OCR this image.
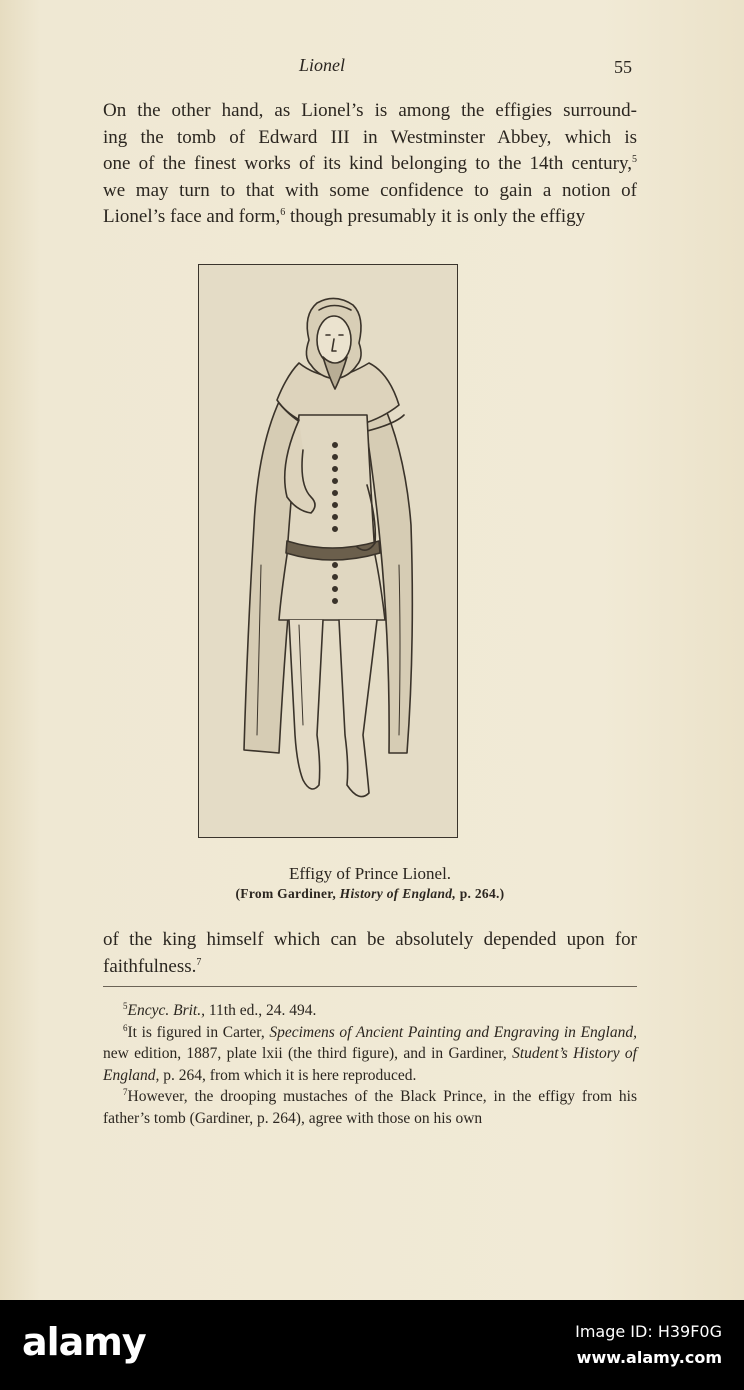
Lionel	55
On the other hand, as Lionel’s is among the effigies surround-
ing the tomb of Edward III in Westminster Abbey, which is
one of the finest works of its kind belonging to the 14th century,$^5$
we may turn to that with some confidence to gain a notion of
Lionel’s face and form,$^6$ though presumably it is only the effigy
Effigy of Prince Lionel.
(From Gardiner, History of England, p. 264.)
of the king himself which can be absolutely depended upon for
faithfulness.$^7$
$^5$Encyc. Brit., 11th ed., 24. 494.
$^6$It is figured in Carter, Specimens of Ancient Painting and Engraving in England, new edition, 1887, plate lxii (the third figure), and in Gardiner, Student’s History of England, p. 264, from which it is here reproduced.
$^7$However, the drooping mustaches of the Black Prince, in the effigy from his father’s tomb (Gardiner, p. 264), agree with those on his own
alamy	Image ID: H39F0G
www.alamy.com
